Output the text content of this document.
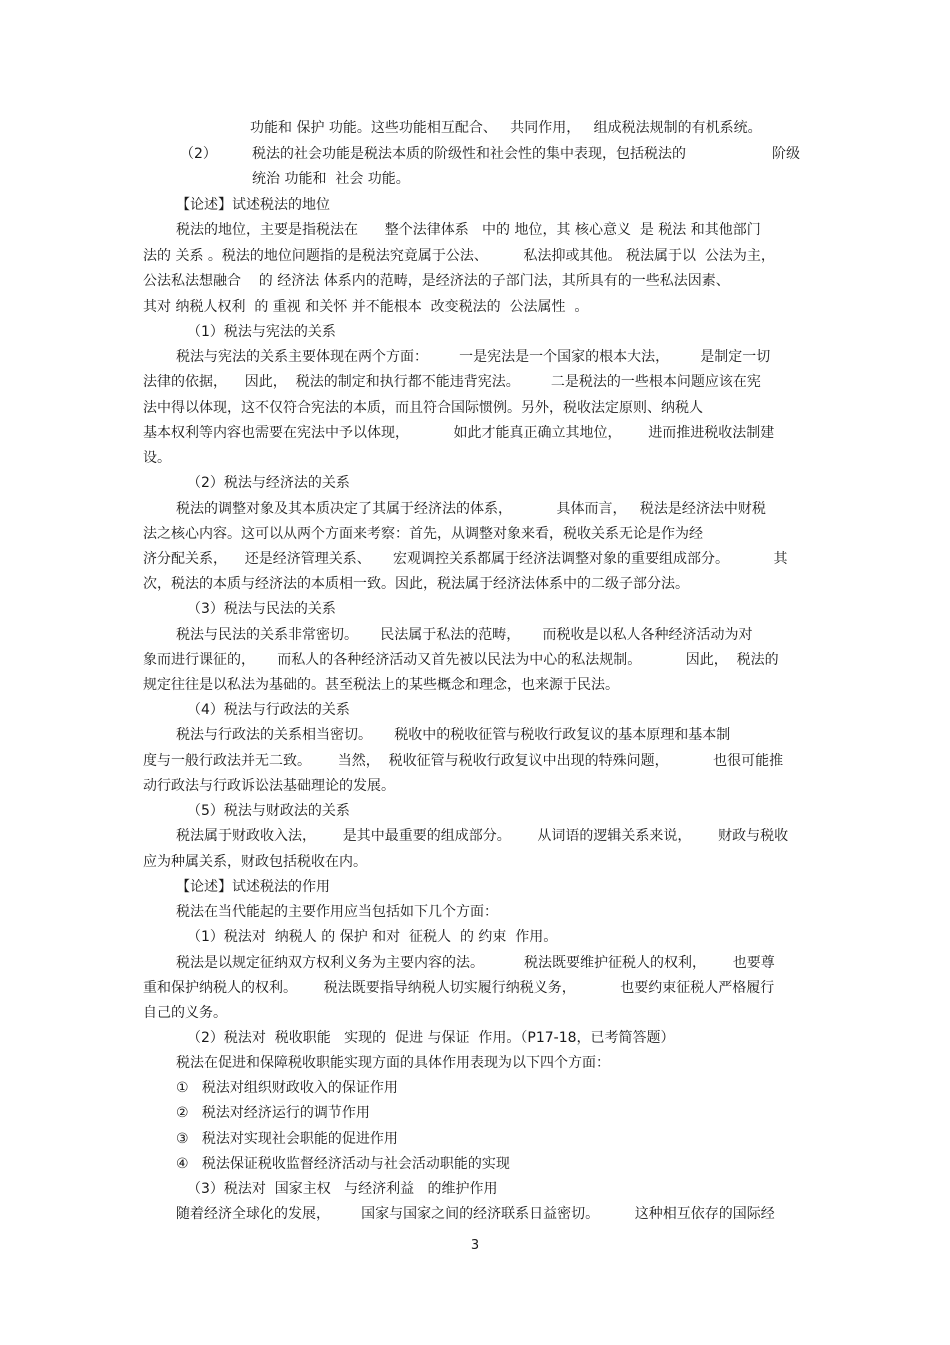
功能和 保护 功能。这些功能相互配合、   共同作用，   组成税法规制的有机系统。
（2）	税法的社会功能是税法本质的阶级性和社会性的集中表现，包括税法的	阶级
统治 功能和  社会 功能。
【论述】试述税法的地位
税法的地位，主要是指税法在      整个法律体系   中的 地位，其 核心意义  是 税法 和其他部门
法的 关系 。税法的地位问题指的是税法究竟属于公法、        私法抑或其他。 税法属于以  公法为主，
公法私法想融合    的 经济法 体系内的范畴，是经济法的子部门法，其所具有的一些私法因素、
其对 纳税人权利  的 重视 和关怀 并不能根本  改变税法的  公法属性  。
（1）税法与宪法的关系
税法与宪法的关系主要体现在两个方面：       一是宪法是一个国家的根本大法，       是制定一切
法律的依据，    因此，  税法的制定和执行都不能违背宪法。       二是税法的一些根本问题应该在宪
法中得以体现，这不仅符合宪法的本质，而且符合国际惯例。另外，税收法定原则、纳税人
基本权利等内容也需要在宪法中予以体现，          如此才能真正确立其地位，      进而推进税收法制建
设。
（2）税法与经济法的关系
税法的调整对象及其本质决定了其属于经济法的体系，          具体而言，   税法是经济法中财税
法之核心内容。这可以从两个方面来考察：首先，从调整对象来看，税收关系无论是作为经
济分配关系，    还是经济管理关系、     宏观调控关系都属于经济法调整对象的重要组成部分。          其
次，税法的本质与经济法的本质相一致。因此，税法属于经济法体系中的二级子部分法。
（3）税法与民法的关系
税法与民法的关系非常密切。     民法属于私法的范畴，     而税收是以私人各种经济活动为对
象而进行课征的，     而私人的各种经济活动又首先被以民法为中心的私法规制。          因此，  税法的
规定往往是以私法为基础的。甚至税法上的某些概念和理念，也来源于民法。
（4）税法与行政法的关系
税法与行政法的关系相当密切。     税收中的税收征管与税收行政复议的基本原理和基本制
度与一般行政法并无二致。      当然，  税收征管与税收行政复议中出现的特殊问题，          也很可能推
动行政法与行政诉讼法基础理论的发展。
（5）税法与财政法的关系
税法属于财政收入法，      是其中最重要的组成部分。      从词语的逻辑关系来说，      财政与税收
应为种属关系，财政包括税收在内。
【论述】试述税法的作用
税法在当代能起的主要作用应当包括如下几个方面：
（1）税法对  纳税人 的 保护 和对  征税人  的 约束  作用。
税法是以规定征纳双方权利义务为主要内容的法。         税法既要维护征税人的权利，      也要尊
重和保护纳税人的权利。      税法既要指导纳税人切实履行纳税义务，          也要约束征税人严格履行
自己的义务。
（2）税法对  税收职能   实现的  促进 与保证  作用。（P17-18，已考简答题）
税法在促进和保障税收职能实现方面的具体作用表现为以下四个方面：
①   税法对组织财政收入的保证作用
②   税法对经济运行的调节作用
③   税法对实现社会职能的促进作用
④   税法保证税收监督经济活动与社会活动职能的实现
（3）税法对  国家主权   与经济利益   的维护作用
随着经济全球化的发展，       国家与国家之间的经济联系日益密切。        这种相互依存的国际经
3
